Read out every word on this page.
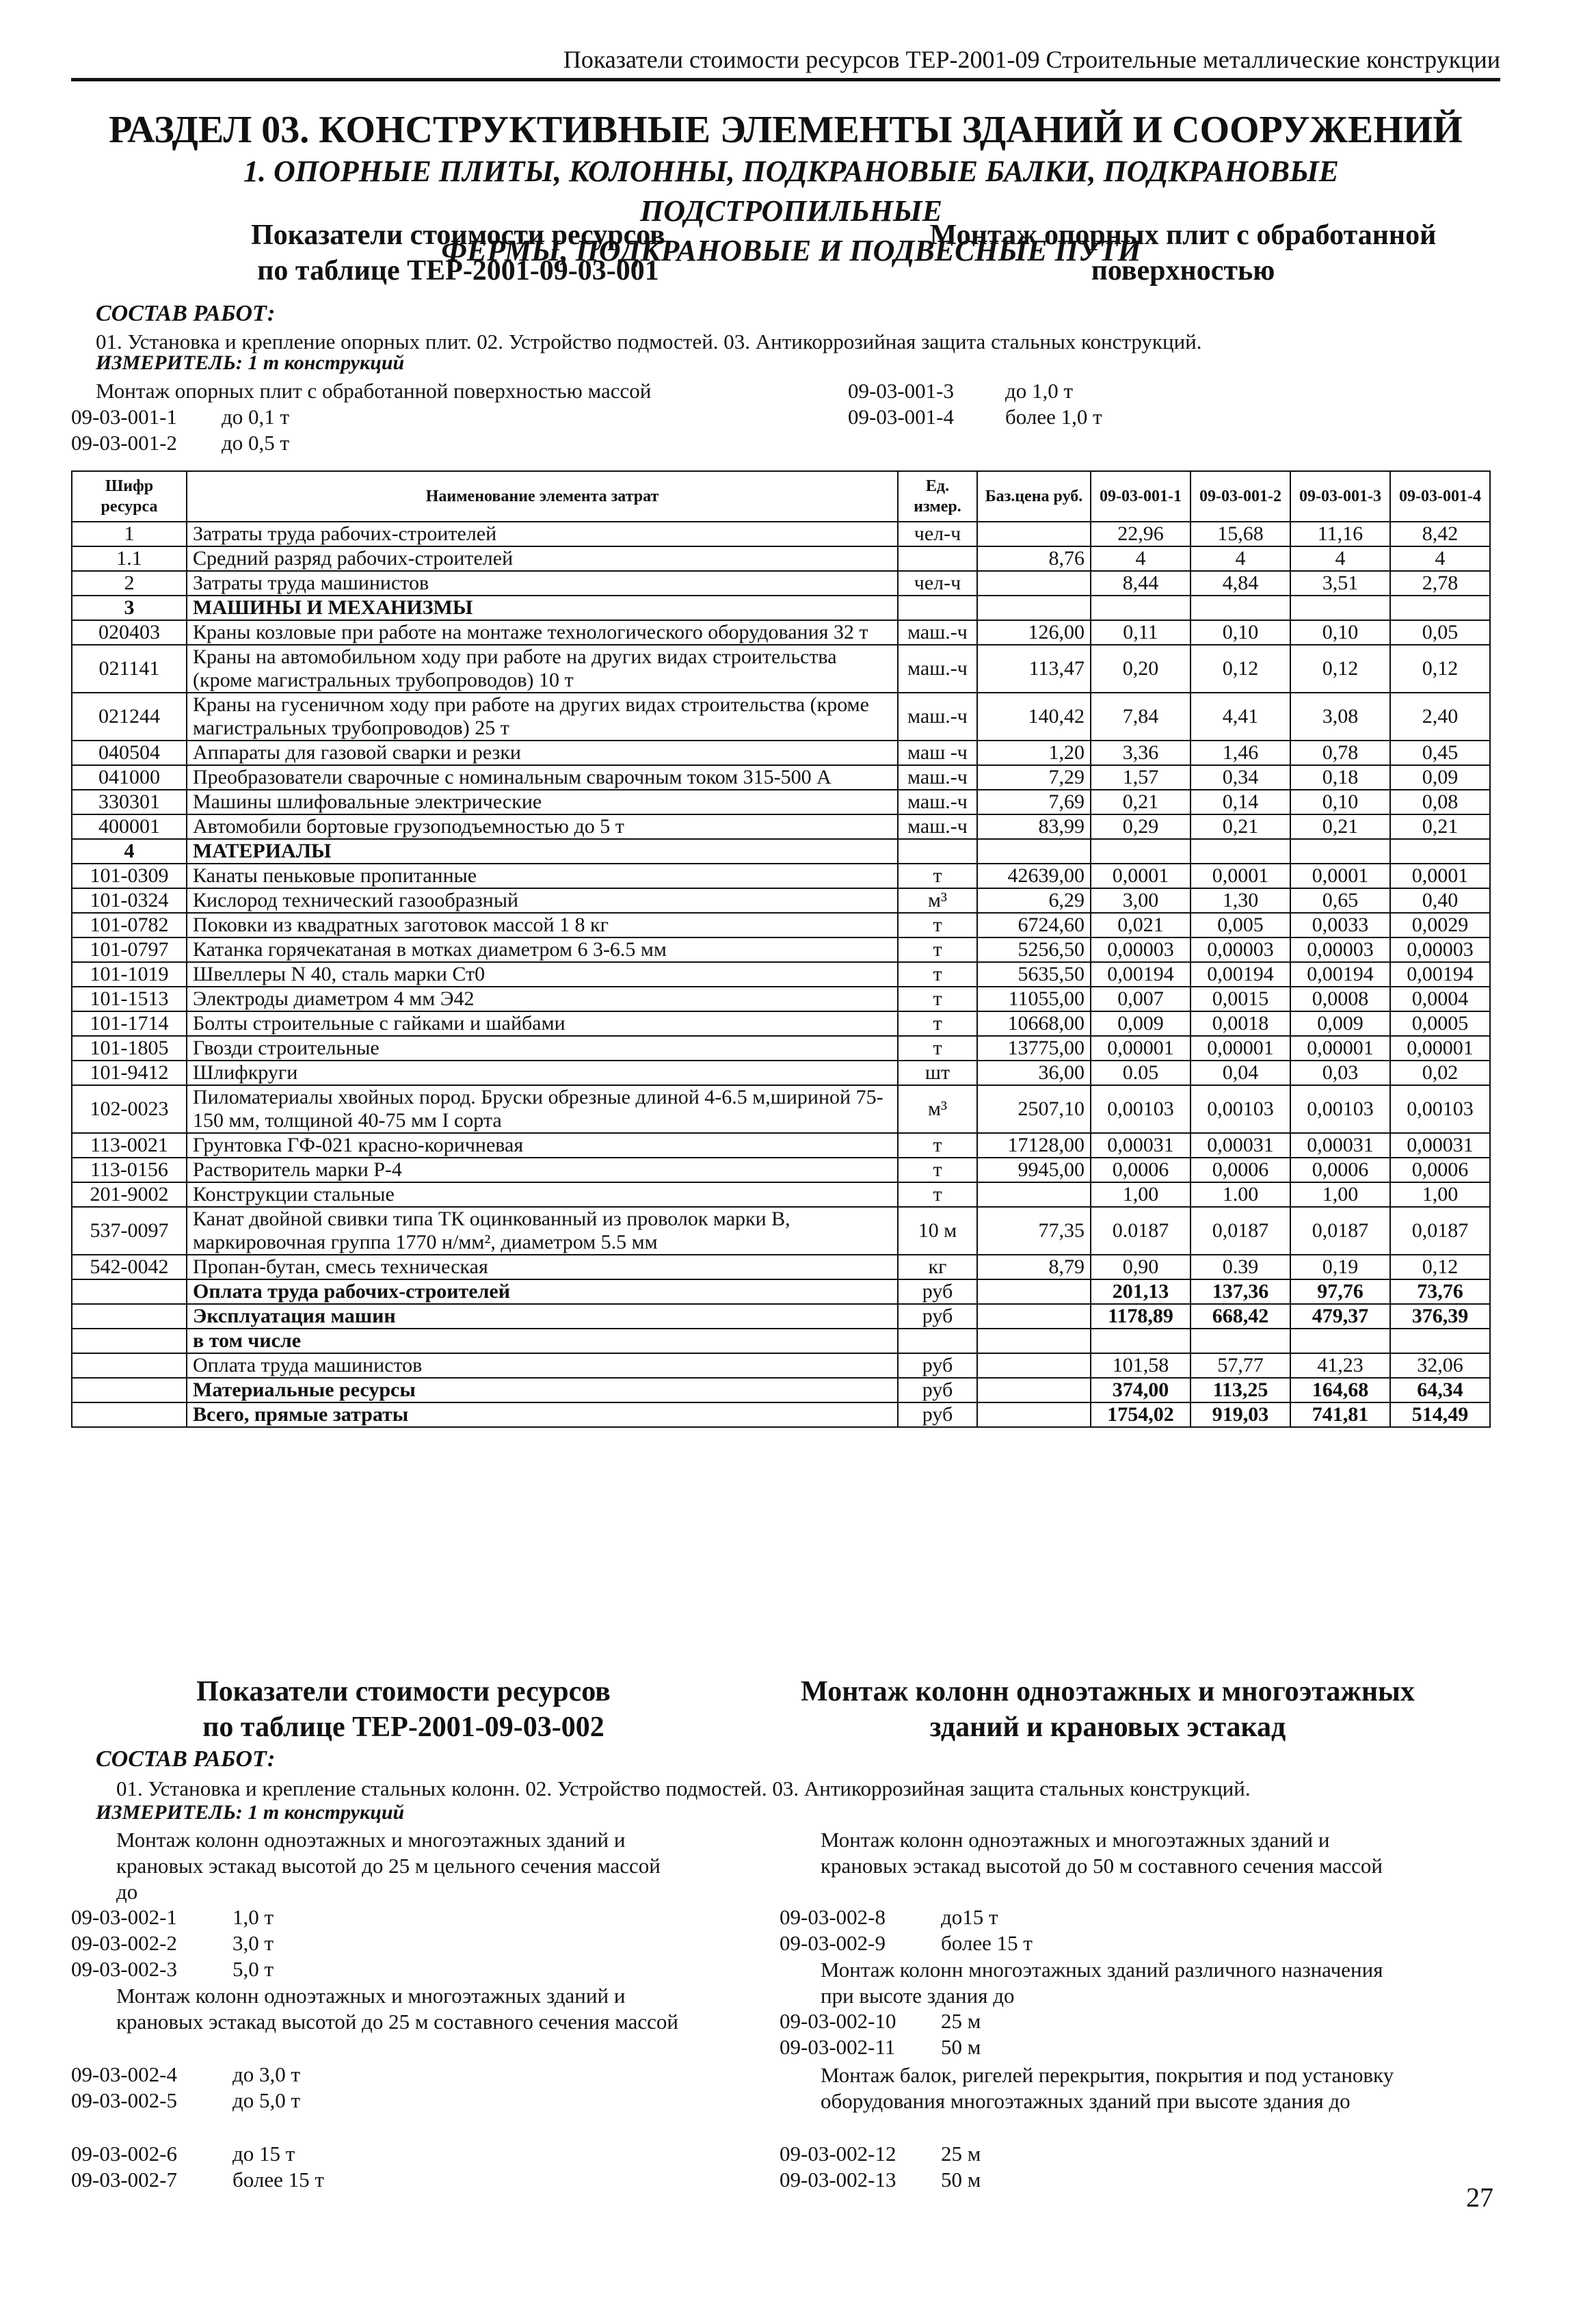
Показатели стоимости ресурсов ТЕР-2001-09 Строительные металлические конструкции
РАЗДЕЛ 03. КОНСТРУКТИВНЫЕ ЭЛЕМЕНТЫ ЗДАНИЙ И СООРУЖЕНИЙ
1. ОПОРНЫЕ ПЛИТЫ, КОЛОННЫ, ПОДКРАНОВЫЕ БАЛКИ, ПОДКРАНОВЫЕ ПОДСТРОПИЛЬНЫЕ
ФЕРМЫ, ПОДКРАНОВЫЕ И ПОДВЕСНЫЕ ПУТИ
Показатели стоимости ресурсов
по таблице ТЕР-2001-09-03-001
Монтаж опорных плит с обработанной
поверхностью
СОСТАВ РАБОТ:
01. Установка и крепление опорных плит. 02. Устройство подмостей. 03. Антикоррозийная защита стальных конструкций.
ИЗМЕРИТЕЛЬ: 1 т конструкций
Монтаж опорных плит с обработанной поверхностью массой
09-03-001-1 до 0,1 т
09-03-001-2 до 0,5 т
09-03-001-3 до 1,0 т
09-03-001-4 более 1,0 т
Шифр ресурса	Наименование элемента затрат	Ед. измер.	Баз.цена руб.	09-03-001-1	09-03-001-2	09-03-001-3	09-03-001-4
1	Затраты труда рабочих-строителей	чел-ч		22,96	15,68	11,16	8,42
1.1	Средний разряд рабочих-строителей		8,76	4	4	4	4
2	Затраты труда машинистов	чел-ч		8,44	4,84	3,51	2,78
3	МАШИНЫ И МЕХАНИЗМЫ						
020403	Краны козловые при работе на монтаже технологического оборудования 32 т	маш.-ч	126,00	0,11	0,10	0,10	0,05
021141	Краны на автомобильном ходу при работе на других видах строительства (кроме магистральных трубопроводов) 10 т	маш.-ч	113,47	0,20	0,12	0,12	0,12
021244	Краны на гусеничном ходу при работе на других видах строительства (кроме магистральных трубопроводов) 25 т	маш.-ч	140,42	7,84	4,41	3,08	2,40
040504	Аппараты для газовой сварки и резки	маш -ч	1,20	3,36	1,46	0,78	0,45
041000	Преобразователи сварочные с номинальным сварочным током 315-500 А	маш.-ч	7,29	1,57	0,34	0,18	0,09
330301	Машины шлифовальные электрические	маш.-ч	7,69	0,21	0,14	0,10	0,08
400001	Автомобили бортовые грузоподъемностью до 5 т	маш.-ч	83,99	0,29	0,21	0,21	0,21
4	МАТЕРИАЛЫ						
101-0309	Канаты пеньковые пропитанные	т	42639,00	0,0001	0,0001	0,0001	0,0001
101-0324	Кислород технический газообразный	м³	6,29	3,00	1,30	0,65	0,40
101-0782	Поковки из квадратных заготовок массой 1 8 кг	т	6724,60	0,021	0,005	0,0033	0,0029
101-0797	Катанка горячекатаная в мотках диаметром 6 3-6.5 мм	т	5256,50	0,00003	0,00003	0,00003	0,00003
101-1019	Швеллеры N 40, сталь марки Ст0	т	5635,50	0,00194	0,00194	0,00194	0,00194
101-1513	Электроды диаметром 4 мм Э42	т	11055,00	0,007	0,0015	0,0008	0,0004
101-1714	Болты строительные с гайками и шайбами	т	10668,00	0,009	0,0018	0,009	0,0005
101-1805	Гвозди строительные	т	13775,00	0,00001	0,00001	0,00001	0,00001
101-9412	Шлифкруги	шт	36,00	0.05	0,04	0,03	0,02
102-0023	Пиломатериалы хвойных пород. Бруски обрезные длиной 4-6.5 м,шириной 75-150 мм, толщиной 40-75 мм I сорта	м³	2507,10	0,00103	0,00103	0,00103	0,00103
113-0021	Грунтовка ГФ-021 красно-коричневая	т	17128,00	0,00031	0,00031	0,00031	0,00031
113-0156	Растворитель марки Р-4	т	9945,00	0,0006	0,0006	0,0006	0,0006
201-9002	Конструкции стальные	т		1,00	1.00	1,00	1,00
537-0097	Канат двойной свивки типа ТК оцинкованный из проволок марки В, маркировочная группа 1770 н/мм², диаметром 5.5 мм	10 м	77,35	0.0187	0,0187	0,0187	0,0187
542-0042	Пропан-бутан, смесь техническая	кг	8,79	0,90	0.39	0,19	0,12
	Оплата труда рабочих-строителей	руб		201,13	137,36	97,76	73,76
	Эксплуатация машин	руб		1178,89	668,42	479,37	376,39
	в том числе						
	Оплата труда машинистов	руб		101,58	57,77	41,23	32,06
	Материальные ресурсы	руб		374,00	113,25	164,68	64,34
	Всего, прямые затраты	руб		1754,02	919,03	741,81	514,49
Показатели стоимости ресурсов
по таблице ТЕР-2001-09-03-002
Монтаж колонн одноэтажных и многоэтажных
зданий и крановых эстакад
СОСТАВ РАБОТ:
01. Установка и крепление стальных колонн. 02. Устройство подмостей. 03. Антикоррозийная защита стальных конструкций.
ИЗМЕРИТЕЛЬ: 1 т конструкций
Монтаж колонн одноэтажных и многоэтажных зданий и крановых эстакад высотой до 25 м цельного сечения массой до
09-03-002-1	1,0 т
09-03-002-2	3,0 т
09-03-002-3	5,0 т
Монтаж колонн одноэтажных и многоэтажных зданий и крановых эстакад высотой до 25 м составного сечения массой
09-03-002-4	до 3,0 т
09-03-002-5	до 5,0 т
09-03-002-6	до 15 т
09-03-002-7	более 15 т
Монтаж колонн одноэтажных и многоэтажных зданий и крановых эстакад высотой до 50 м составного сечения массой
09-03-002-8	до15 т
09-03-002-9	более 15 т
Монтаж колонн многоэтажных зданий различного назначения при высоте здания до
09-03-002-10 25 м
09-03-002-11 50 м
Монтаж балок, ригелей перекрытия, покрытия и под установку оборудования многоэтажных зданий при высоте здания до
09-03-002-12 25 м
09-03-002-13 50 м
27
